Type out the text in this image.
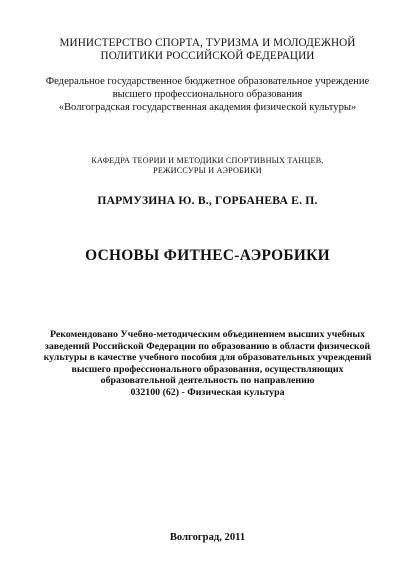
МИНИСТЕРСТВО СПОРТА, ТУРИЗМА И МОЛОДЕЖНОЙ
ПОЛИТИКИ РОССИЙСКОЙ ФЕДЕРАЦИИ
Федеральное государственное бюджетное образовательное учреждение
высшего профессионального образования
«Волгоградская государственная академия физической культуры»
КАФЕДРА ТЕОРИИ И МЕТОДИКИ СПОРТИВНЫХ ТАНЦЕВ,
РЕЖИССУРЫ И АЭРОБИКИ
ПАРМУЗИНА Ю. В., ГОРБАНЕВА Е. П.
ОСНОВЫ ФИТНЕС-АЭРОБИКИ
Рекомендовано Учебно-методическим объединением высших учебных
заведений Российской Федерации по образованию в области физической
культуры в качестве учебного пособия для образовательных учреждений
высшего профессионального образования, осуществляющих
образовательной деятельность по направлению
032100 (62) - Физическая культура
Волгоград, 2011
